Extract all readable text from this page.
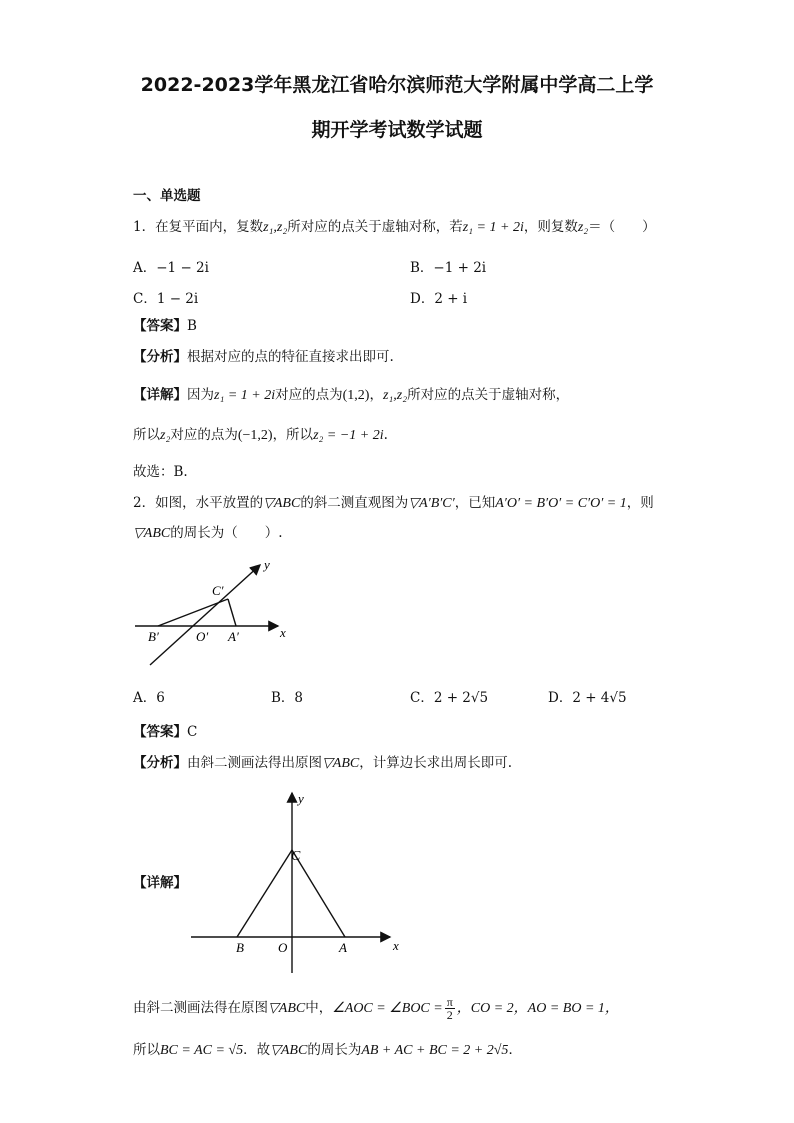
2022-2023学年黑龙江省哈尔滨师范大学附属中学高二上学
期开学考试数学试题
一、单选题
1．在复平面内，复数z₁,z₂所对应的点关于虚轴对称，若z₁ = 1 + 2i，则复数z₂＝（　　）
A．−1 − 2i	B．−1 + 2i
C．1 − 2i	D．2 + i
【答案】B
【分析】根据对应的点的特征直接求出即可.
【详解】因为z₁ = 1 + 2i对应的点为(1,2)，z₁,z₂所对应的点关于虚轴对称，
所以z₂对应的点为(−1,2)，所以z₂ = −1 + 2i.
故选：B.
2．如图，水平放置的▽ABC的斜二测直观图为▽A′B′C′，已知A′O′ = B′O′ = C′O′ = 1，则
▽ABC的周长为（　　）.
y
C′
B′	O′ A′	x
A．6	B．8	C．2 + 2√5	D．2 + 4√5
【答案】C
【分析】由斜二测画法得出原图▽ABC，计算边长求出周长即可.
【详解】
y
C
B	O	A	x
由斜二测画法得在原图▽ABC中，∠AOC = ∠BOC = $\frac{\pi}{2}$ ，CO = 2，AO = BO = 1，
所以BC = AC = √5．故▽ABC的周长为AB + AC + BC = 2 + 2√5．
